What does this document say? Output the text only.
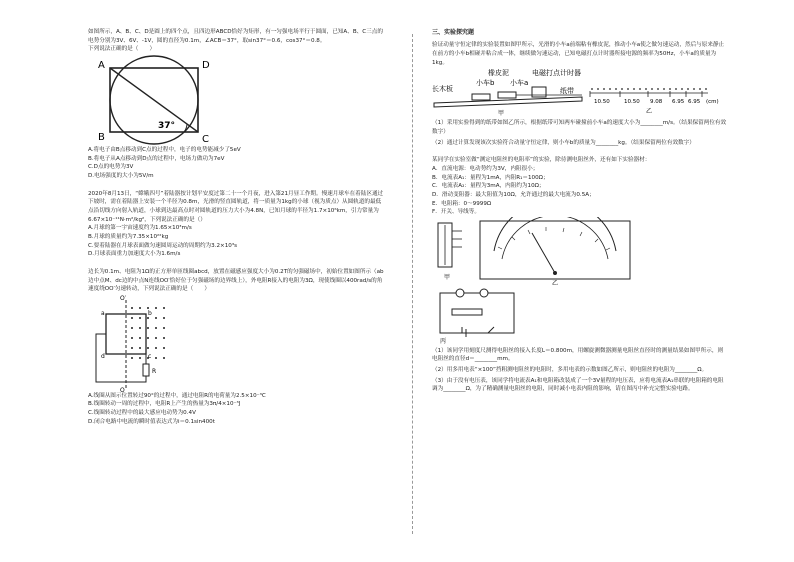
如图所示，A、B、C、D是圆上的四个点，且四边形ABCD恰好为矩形，有一匀强电场平行于圆面，已知A、B、C三点的电势分别为3V、6V、-1V，圆的直径为0.1m，∠ACB＝37°，取sin37°＝0.6，cos37°＝0.8。

下列说法正确的是（　　）

A	D
B	C
37°

A.将电子由B点移动到C点的过程中，电子的电势能减少了5eV

B.将电子从A点移动到D点的过程中，电场力做功为7eV

C.D点的电势为3V

D.电场强度的大小为5V/m

2020年8月13日，“嫦娥四号”着陆器按计划平安度过第二十一个月夜，进入第21月昼工作期。慢速月球车在着陆区通过下坡时，需在着陆器上安装一个半径为0.8m，光滑的竖直圆轨道，将一质量为1kg的小球（视为质点）从圆轨道的最低点沿切线方向射入轨道，小球到达最高点时对圆轨道的压力大小为4.8N，已知月球的半径为1.7×10⁶km，引力常量为6.67×10⁻¹¹N·m²/kg²，下列说法正确的是（）

A.月球的第一宇宙速度约为1.65×10³m/s

B.月球的质量约为7.35×10²²kg

C.要着陆器在月球表面做匀速圆周运动的周期约为3.2×10³s

D.月球表面重力加速度大小为1.6m/s

边长为0.1m、电阻为1Ω的正方形单匝线圈abcd，放置在磁感应强度大小为0.2T的匀强磁场中，初始位置如图所示（ab边中点M、dc边的中点N连线OO′恰好位于匀强磁场的边界线上），外电阻R接入的电阻为3Ω，现使线圈以400rad/s的角速度绕OO′匀速转动，下列说法正确的是（　　）

O′
O
a	b
c
d
R

A.线圈从图示位置转过90°的过程中，通过电阻R的电荷量为2.5×10⁻³C

B.线圈转动一周的过程中，电阻R上产生的热量为3π/4×10⁻³J

C.线圈转动过程中的最大感应电动势为0.4V

D.闭合电路中电流的瞬时值表达式为i＝0.1sin400t

三、实验探究题

验证动量守恒定律的实验装置如图甲所示，光滑的小车a前端粘有橡皮泥，推动小车a使之做匀速运动，然后与原来静止在前方的小车b相碰并粘合成一体，继续做匀速运动，已知电磁打点计时器所接电源的频率为50Hz，小车a的质量为1kg。

橡皮泥	电磁打点计时器
小车b 小车a
长木板	纸带
甲
10.50	10.50 9.08 6.95 6.95 (cm)
乙

（1）采用实验得到的纸带如图乙所示，根据纸带可知两车碰撞前小车a的速度大小为________m/s。（结果保留两位有效数字）

（2）通过计算发现该次实验符合动量守恒定律，则小车b的质量为________kg。（结果保留两位有效数字）

某同学在实验室做“测定电阻丝的电阻率”的实验，除待测电阻丝外，还有如下实验器材：

A．直流电源：电动势约为3V，内阻很小；

B．电流表A₁：量程为1mA，内阻R₁＝100Ω；

C．电流表A₂：量程为3mA，内阻约为10Ω；

D．滑动变阻器：最大阻值为10Ω，允许通过的最大电流为0.5A；

E．电阻箱：0～9999Ω

F．开关、导线等。

甲
乙
丙

（1）该同学用刻度尺测得电阻丝的接入长度L＝0.800m，用螺旋测微器测量电阻丝直径时的测量结果如图甲所示，则电阻丝的直径d＝________mm。

（2）用多用电表“×100”挡粗测电阻丝的电阻时，多用电表的示数如图乙所示，则电阻丝的电阻为________Ω。

（3）由于没有电压表，该同学将电流表A₁和电阻箱改装成了一个3V量程的电压表，应将电流表A₁串联的电阻箱的电阻调为________Ω，为了精确测量电阻丝的电阻，同时减小电表内阻的影响，请在图丙中补充完整实验电路。
